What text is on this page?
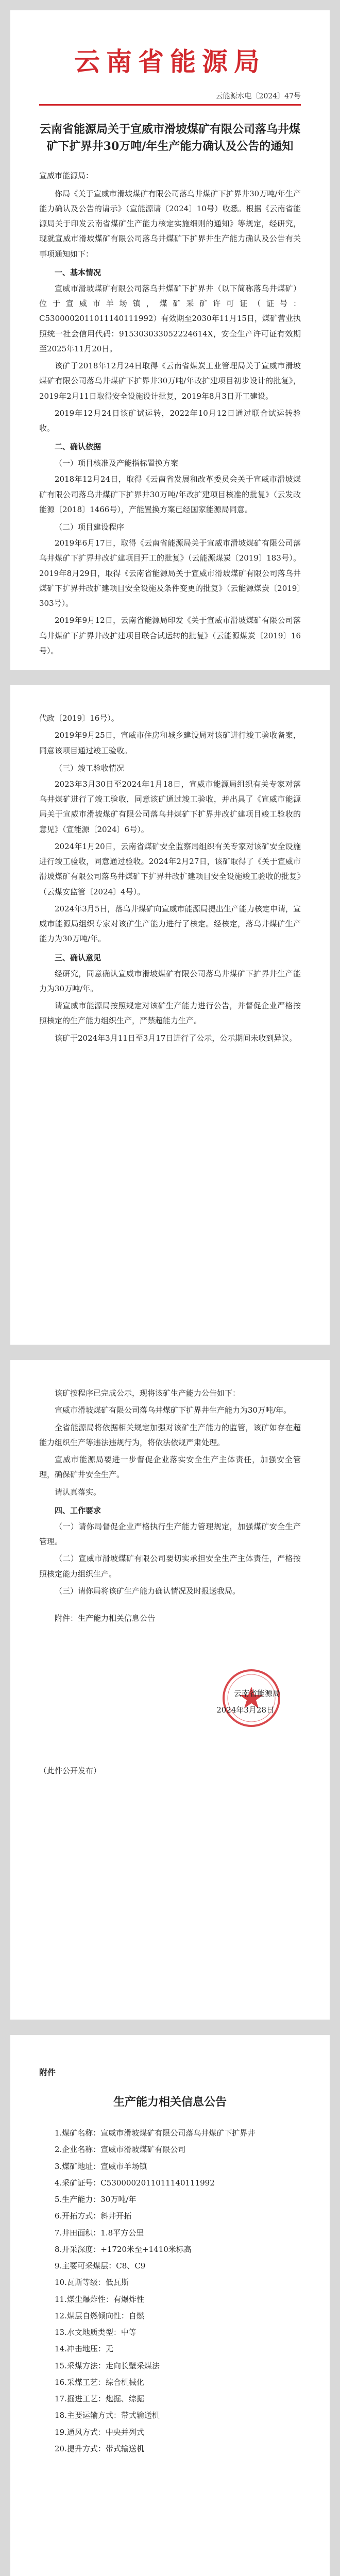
云南省能源局
云能源水电〔2024〕47号
云南省能源局关于宣威市滑坡煤矿有限公司落乌井煤矿下扩界井30万吨/年生产能力确认及公告的通知
宣威市能源局：

你局《关于宣威市滑坡煤矿有限公司落乌井煤矿下扩界井30万吨/年生产能力确认及公告的请示》（宣能源请〔2024〕10号）收悉。根据《云南省能源局关于印发云南省煤矿生产能力核定实施细则的通知》等规定，经研究，现就宣威市滑坡煤矿有限公司落乌井煤矿下扩界井生产能力确认及公告有关事项通知如下：

一、基本情况

宣威市滑坡煤矿有限公司落乌井煤矿下扩界井（以下简称落乌井煤矿）位于宣威市羊场镇，煤矿采矿许可证（证号：C5300002011011140111992）有效期至2030年11月15日，煤矿营业执照统一社会信用代码：915303033052224614X，安全生产许可证有效期至2025年11月20日。

该矿于2018年12月24日取得《云南省煤炭工业管理局关于宣威市滑坡煤矿有限公司落乌井煤矿下扩界井30万吨/年改扩建项目初步设计的批复》，2019年2月11日取得安全设施设计批复，2019年8月3日开工建设。

2019年12月24日该矿试运转，2022年10月12日通过联合试运转验收。

二、确认依据
（一）项目核准及产能指标置换方案

2018年12月24日，取得《云南省发展和改革委员会关于宣威市滑坡煤矿有限公司落乌井煤矿下扩界井30万吨/年改扩建项目核准的批复》（云发改能源〔2018〕1466号），产能置换方案已经国家能源局同意。

（二）项目建设程序

2019年6月17日，取得《云南省能源局关于宣威市滑坡煤矿有限公司落乌井煤矿下扩界井改扩建项目开工的批复》（云能源煤炭〔2019〕183号）。2019年8月29日，取得《云南省能源局关于宣威市滑坡煤矿有限公司落乌井煤矿下扩界井改扩建项目安全设施及条件变更的批复》（云能源煤炭〔2019〕303号）。

2019年9月12日，云南省能源局印发《关于宣威市滑坡煤矿有限公司落乌井煤矿下扩界井改扩建项目联合试运转的批复》（云能源煤炭〔2019〕16号）。

代政〔2019〕16号）。

2019年9月25日，宣威市住房和城乡建设局对该矿进行竣工验收备案，同意该项目通过竣工验收。

（三）竣工验收情况

2023年3月30日至2024年1月18日，宣威市能源局组织有关专家对落乌井煤矿进行了竣工验收，同意该矿通过竣工验收，并出具了《宣威市能源局关于宣威市滑坡煤矿有限公司落乌井煤矿下扩界井改扩建项目竣工验收的意见》（宣能源〔2024〕6号）。

2024年1月20日，云南省煤矿安全监察局组织有关专家对该矿安全设施进行竣工验收，同意通过验收。2024年2月27日，该矿取得了《关于宣威市滑坡煤矿有限公司落乌井煤矿下扩界井改扩建项目安全设施竣工验收的批复》（云煤安监管〔2024〕4号）。

2024年3月5日，落乌井煤矿向宣威市能源局提出生产能力核定申请，宣威市能源局组织专家对该矿生产能力进行了核定。经核定，落乌井煤矿生产能力为30万吨/年。

三、确认意见

经研究，同意确认宣威市滑坡煤矿有限公司落乌井煤矿下扩界井生产能力为30万吨/年。

请宣威市能源局按照规定对该矿生产能力进行公告，并督促企业严格按照核定的生产能力组织生产，严禁超能力生产。

该矿于2024年3月11日至3月17日进行了公示，公示期间未收到异议。

该矿按程序已完成公示，现将该矿生产能力公告如下：

宣威市滑坡煤矿有限公司落乌井煤矿下扩界井生产能力为30万吨/年。

全省能源局将依据相关规定加强对该矿生产能力的监管，该矿如存在超能力组织生产等违法违规行为，将依法依规严肃处理。

宣威市能源局要进一步督促企业落实安全生产主体责任，加强安全管理，确保矿井安全生产。

请认真落实。

四、工作要求

（一）请你局督促企业严格执行生产能力管理规定，加强煤矿安全生产管理。

（二）宣威市滑坡煤矿有限公司要切实承担安全生产主体责任，严格按照核定能力组织生产。

（三）请你局将该矿生产能力确认情况及时报送我局。

附件：生产能力相关信息公告

云南省能源局
2024年3月28日
（此件公开发布）
附件
生产能力相关信息公告
1.煤矿名称：宣威市滑坡煤矿有限公司落乌井煤矿下扩界井
2.企业名称：宣威市滑坡煤矿有限公司
3.煤矿地址：宣威市羊场镇
4.采矿证号：C5300002011011140111992
5.生产能力：30万吨/年
6.开拓方式：斜井开拓
7.井田面积：1.8平方公里
8.开采深度：+1720米至+1410米标高
9.主要可采煤层：C8、C9
10.瓦斯等级：低瓦斯
11.煤尘爆炸性：有爆炸性
12.煤层自燃倾向性：自燃
13.水文地质类型：中等
14.冲击地压：无
15.采煤方法：走向长壁采煤法
16.采煤工艺：综合机械化
17.掘进工艺：炮掘、综掘
18.主要运输方式：带式输送机
19.通风方式：中央并列式
20.提升方式：带式输送机
